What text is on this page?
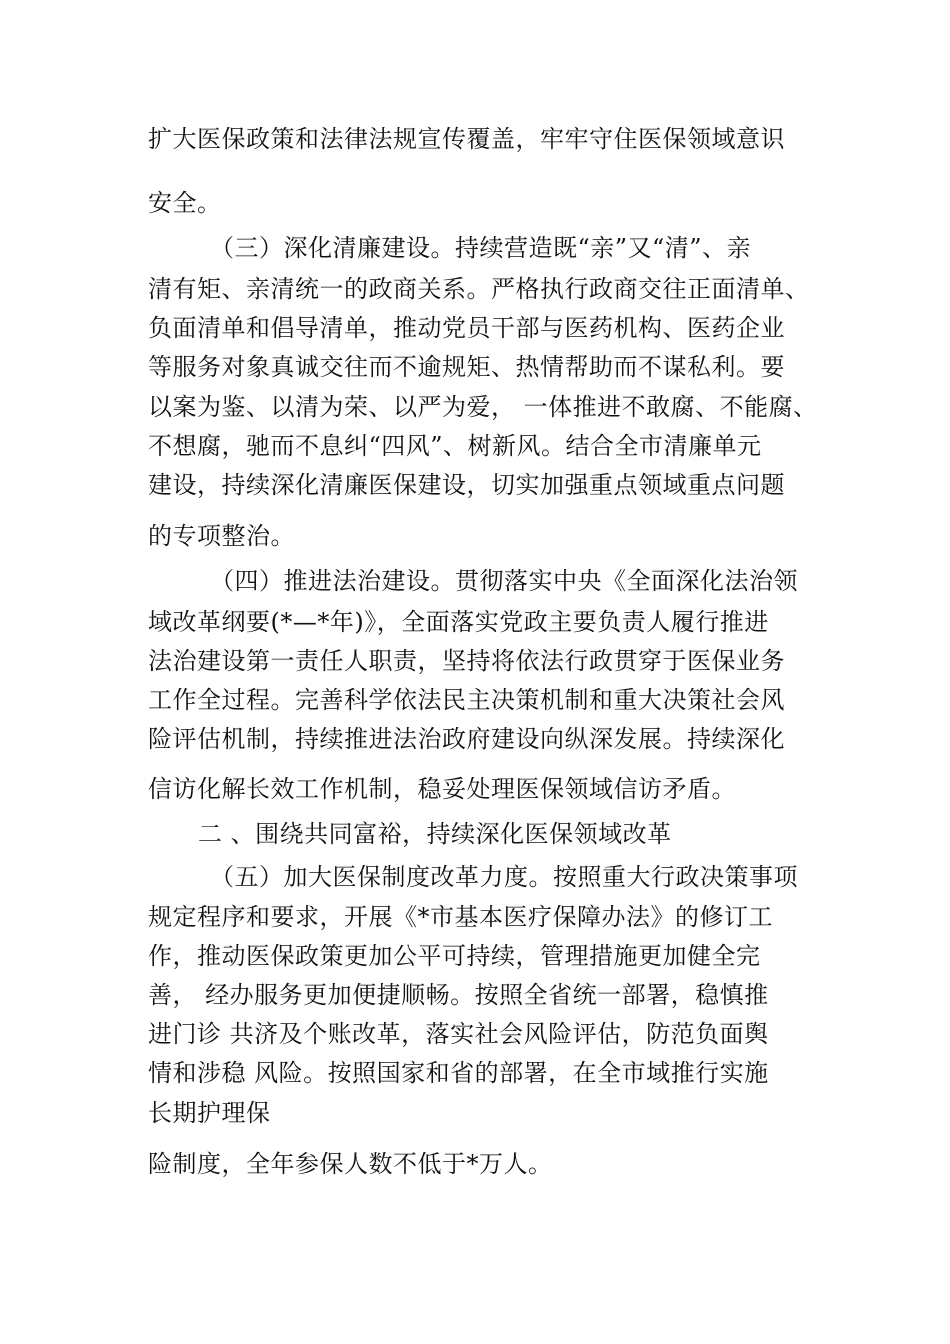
扩大医保政策和法律法规宣传覆盖，牢牢守住医保领域意识
安全。
（三）深化清廉建设。持续营造既“亲”又“清”、亲
清有矩、亲清统一的政商关系。严格执行政商交往正面清单、
负面清单和倡导清单，推动党员干部与医药机构、医药企业
等服务对象真诚交往而不逾规矩、热情帮助而不谋私利。要
以案为鉴、以清为荣、以严为爱， 一体推进不敢腐、不能腐、
不想腐，驰而不息纠“四风”、树新风。结合全市清廉单元
建设，持续深化清廉医保建设，切实加强重点领域重点问题
的专项整治。
（四）推进法治建设。贯彻落实中央《全面深化法治领
域改革纲要(*—*年)》，全面落实党政主要负责人履行推进
法治建设第一责任人职责，坚持将依法行政贯穿于医保业务
工作全过程。完善科学依法民主决策机制和重大决策社会风
险评估机制，持续推进法治政府建设向纵深发展。持续深化
信访化解长效工作机制，稳妥处理医保领域信访矛盾。
二 、围绕共同富裕，持续深化医保领域改革
（五）加大医保制度改革力度。按照重大行政决策事项
规定程序和要求，开展《*市基本医疗保障办法》的修订工
作，推动医保政策更加公平可持续，管理措施更加健全完
善， 经办服务更加便捷顺畅。按照全省统一部署，稳慎推
进门诊 共济及个账改革，落实社会风险评估，防范负面舆
情和涉稳 风险。按照国家和省的部署，在全市域推行实施
长期护理保
险制度，全年参保人数不低于*万人。
